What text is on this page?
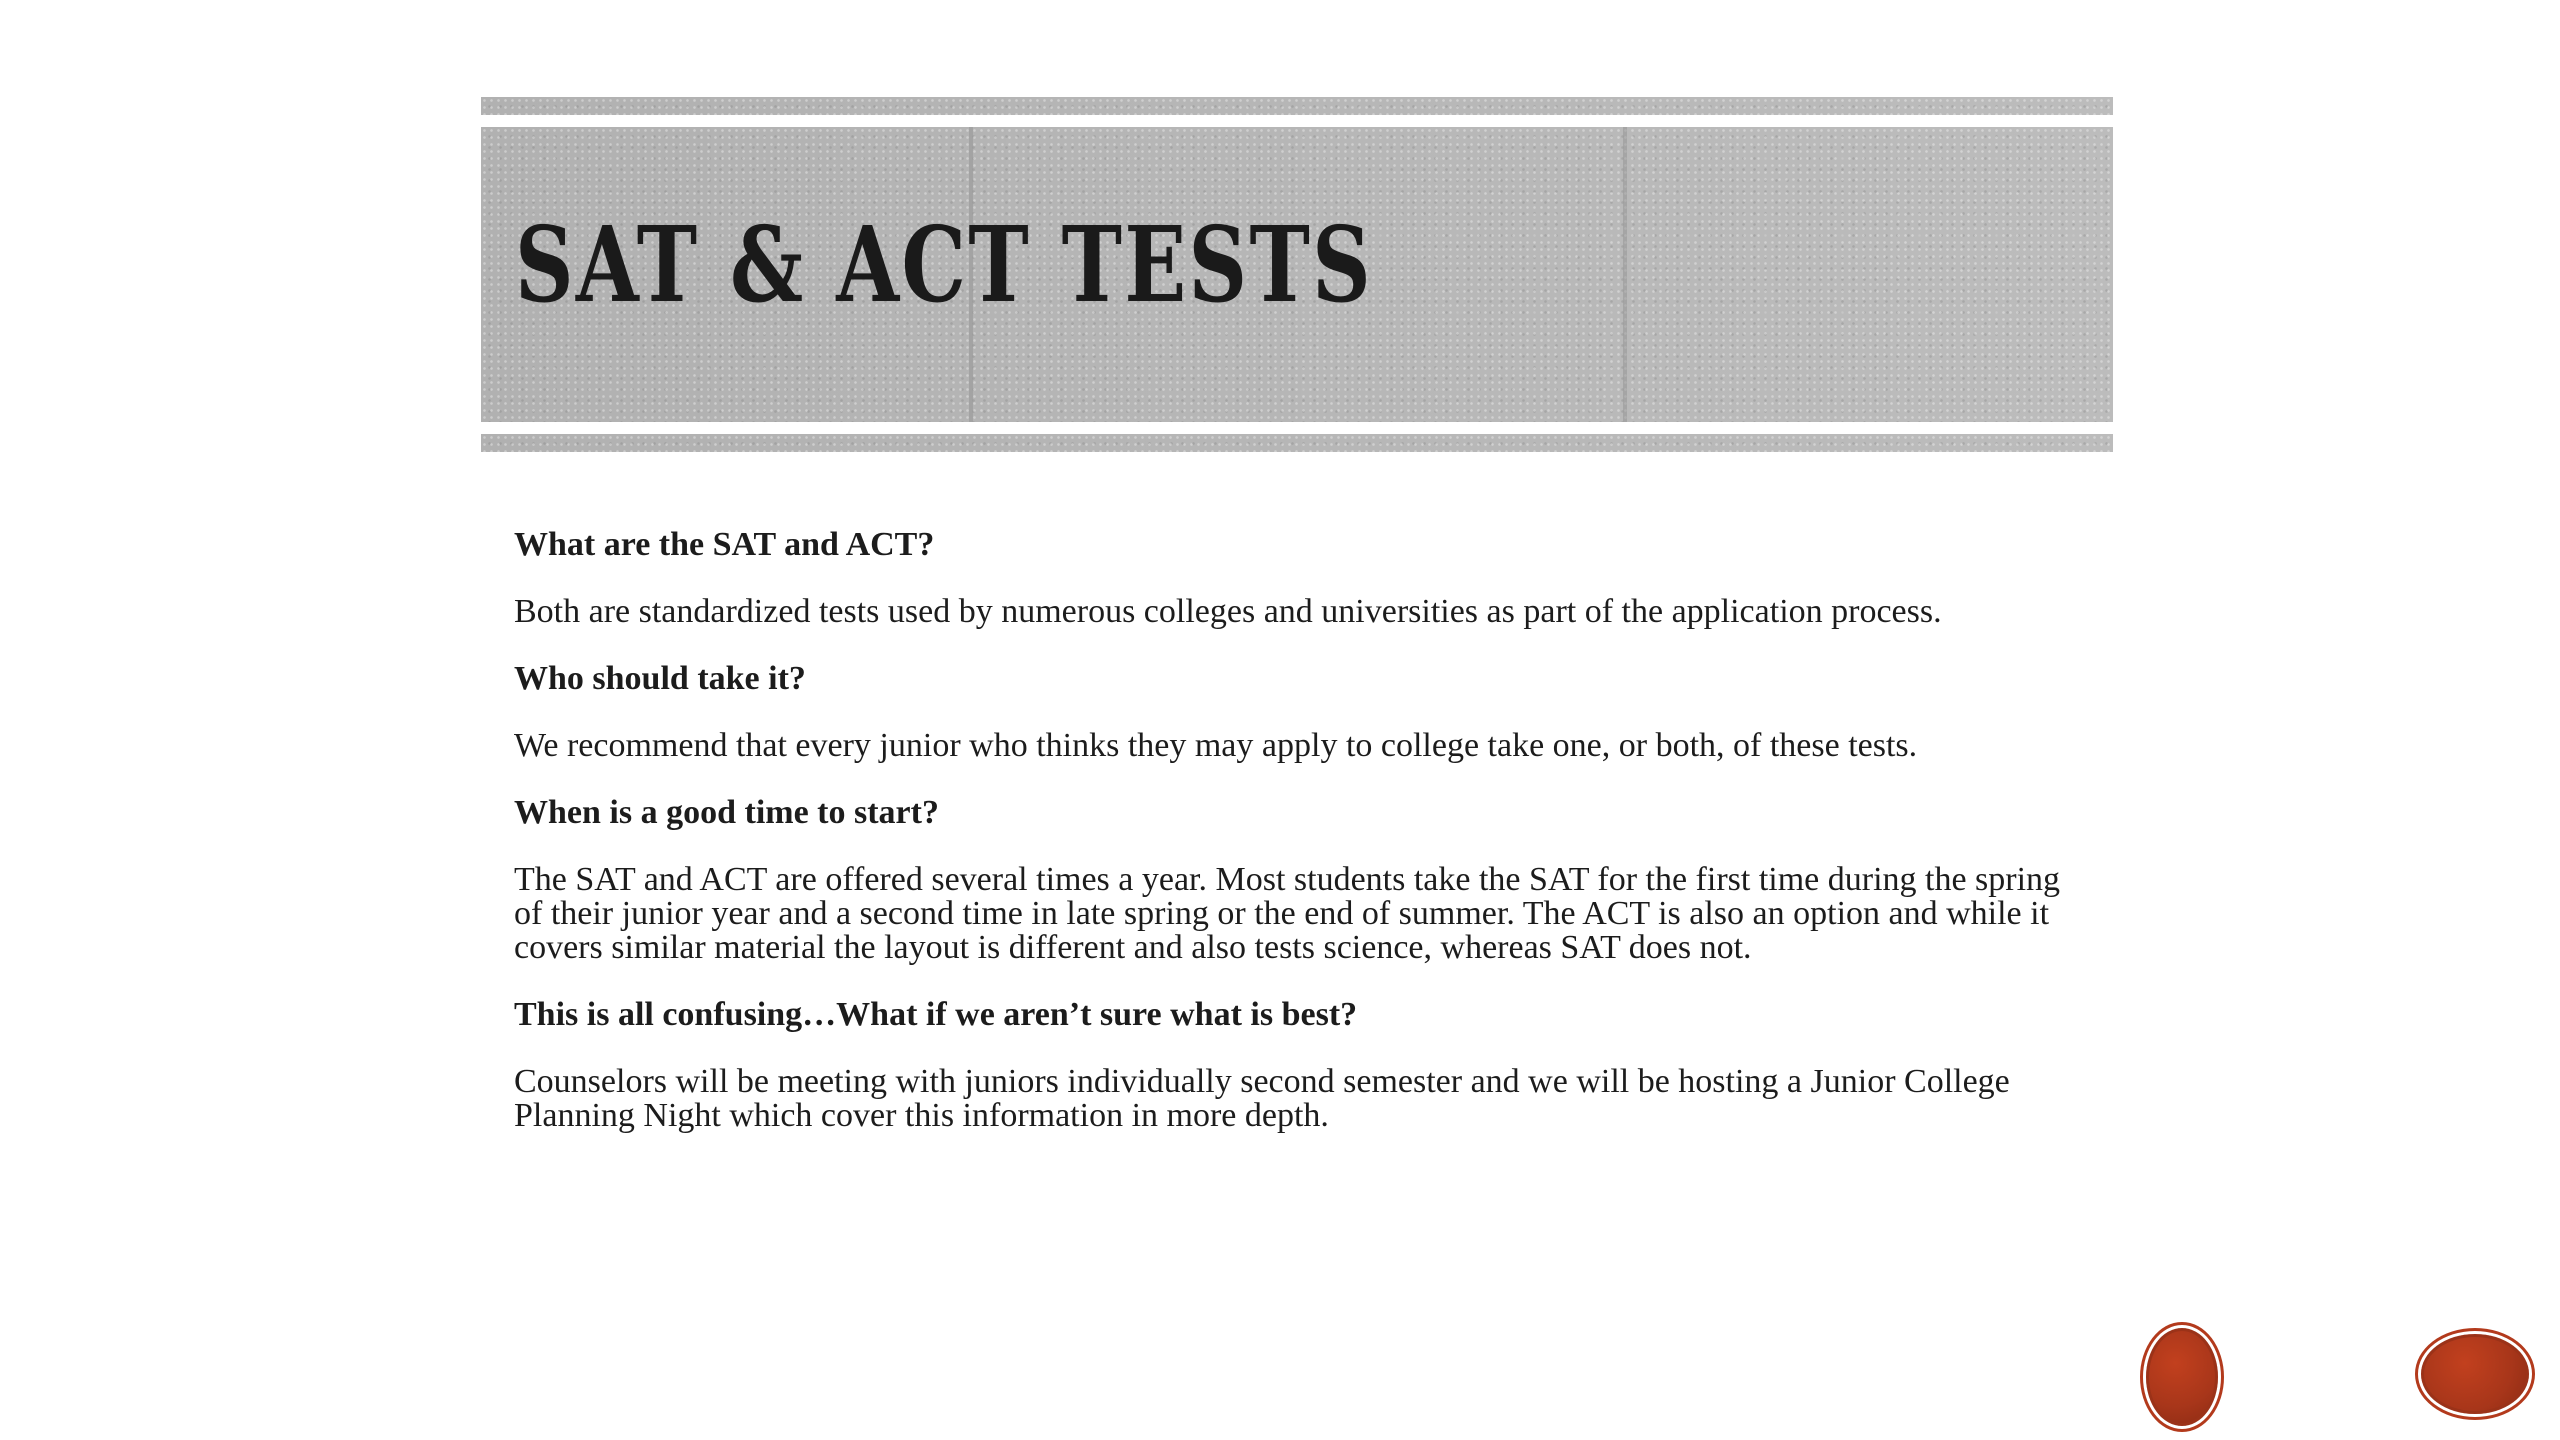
SAT & ACT TESTS

What are the SAT and ACT?

Both are standardized tests used by numerous colleges and universities as part of the application process.

Who should take it?

We recommend that every junior who thinks they may apply to college take one, or both, of these tests.

When is a good time to start?

The SAT and ACT are offered several times a year. Most students take the SAT for the first time during the spring of their junior year and a second time in late spring or the end of summer. The ACT is also an option and while it covers similar material the layout is different and also tests science, whereas SAT does not.

This is all confusing…What if we aren’t sure what is best?

Counselors will be meeting with juniors individually second semester and we will be hosting a Junior College Planning Night which cover this information in more depth.
